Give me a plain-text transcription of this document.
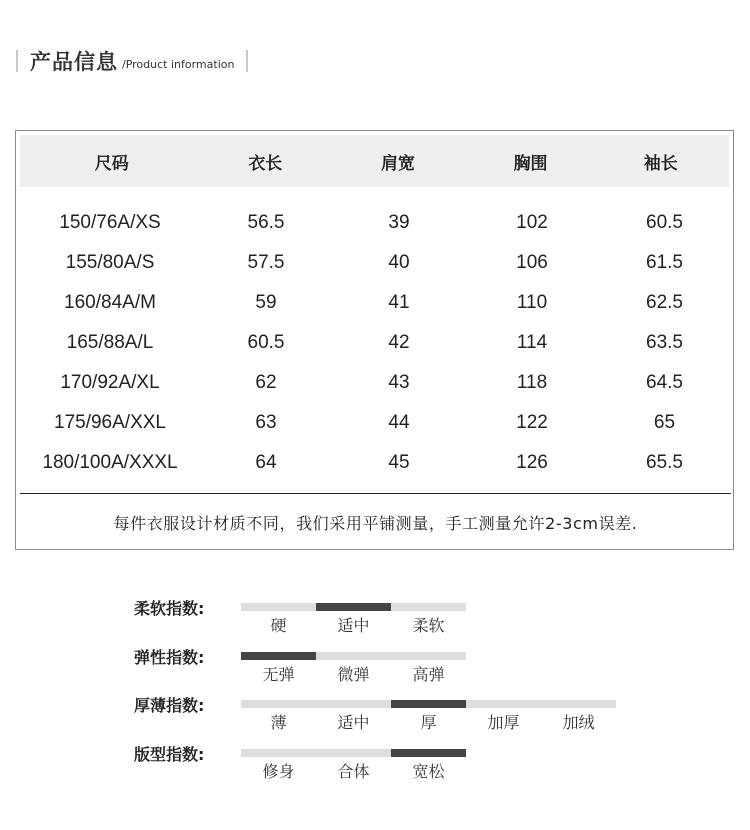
产品信息 /Product information
尺码	衣长	肩宽	胸围	袖长
150/76A/XS	56.5	39	102	60.5
155/80A/S	57.5	40	106	61.5
160/84A/M	59	41	110	62.5
165/88A/L	60.5	42	114	63.5
170/92A/XL	62	43	118	64.5
175/96A/XXL	63	44	122	65
180/100A/XXXL	64	45	126	65.5
每件衣服设计材质不同，我们采用平铺测量，手工测量允许2-3cm误差.
柔软指数:
硬	适中	柔软
弹性指数:
无弹	微弹	高弹
厚薄指数:
薄	适中	厚	加厚	加绒
版型指数:
修身	合体	宽松
